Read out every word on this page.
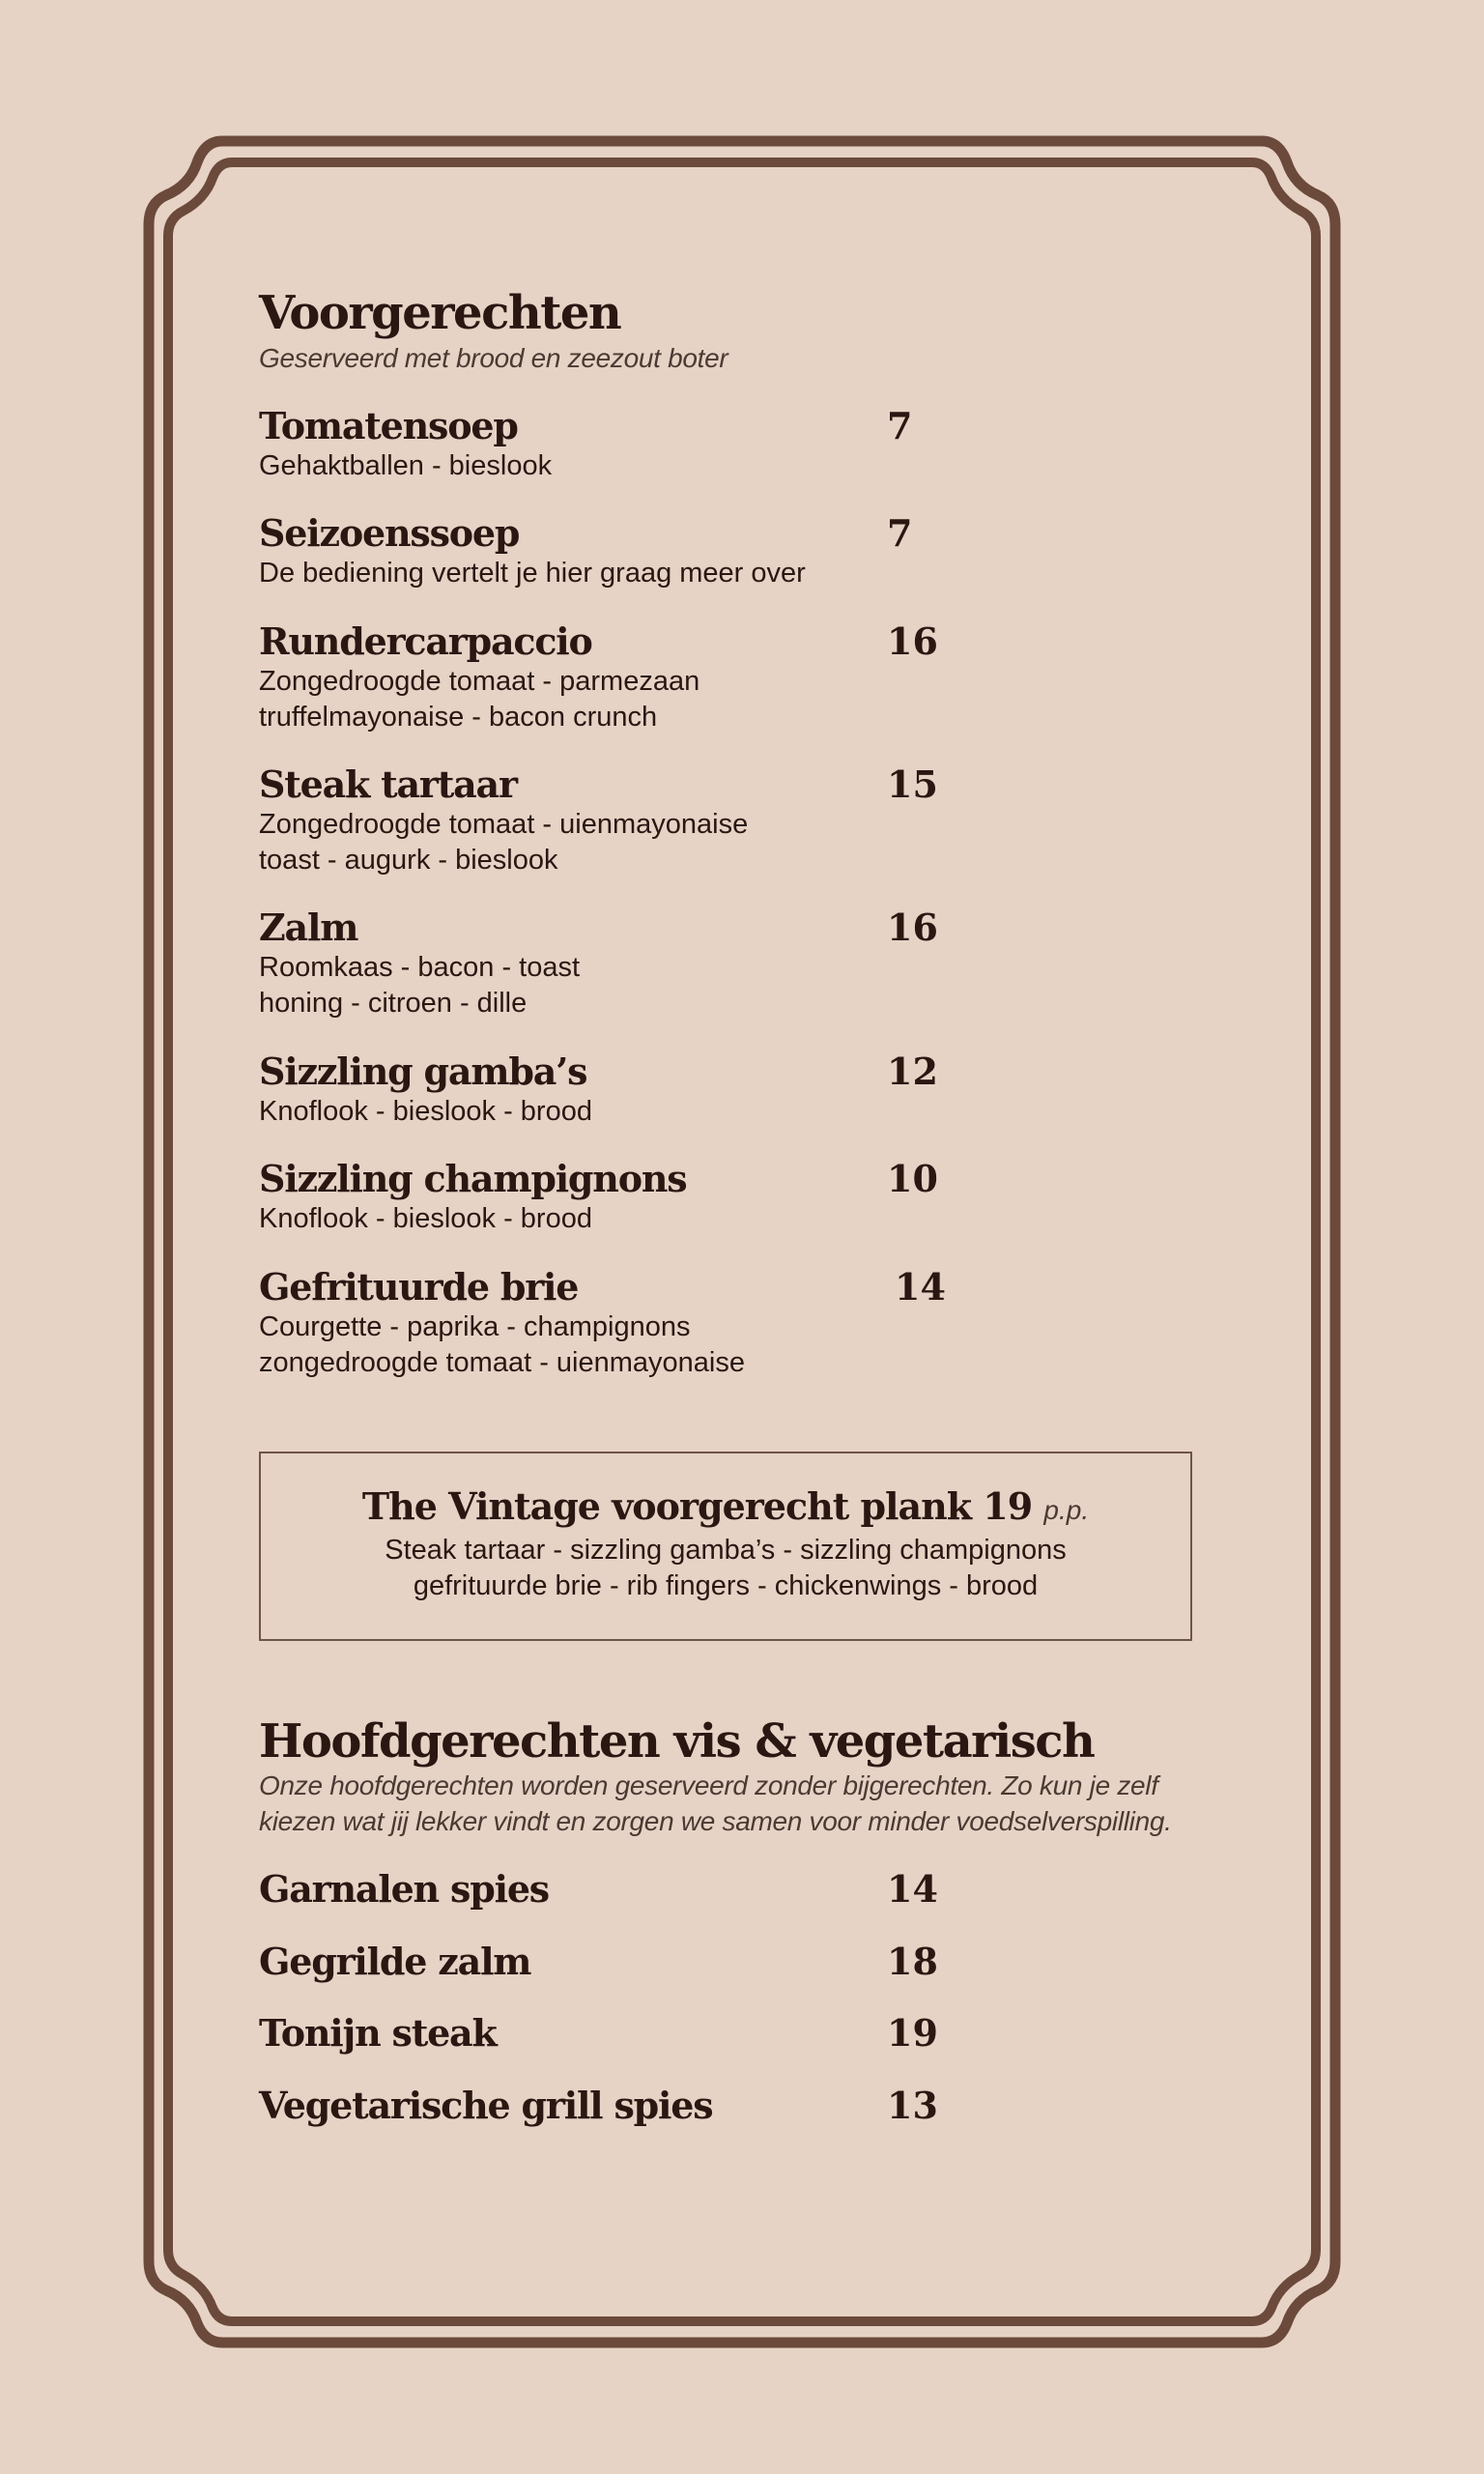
Voorgerechten

Geserveerd met brood en zeezout boter

Tomatensoep	7
Gehaktballen - bieslook
Seizoenssoep	7
De bediening vertelt je hier graag meer over
Rundercarpaccio	16
Zongedroogde tomaat - parmezaan
truffelmayonaise - bacon crunch
Steak tartaar	15
Zongedroogde tomaat - uienmayonaise
toast - augurk - bieslook
Zalm	16
Roomkaas - bacon - toast
honing - citroen - dille
Sizzling gamba’s	12
Knoflook - bieslook - brood
Sizzling champignons	10
Knoflook - bieslook - brood
Gefrituurde brie	14
Courgette - paprika - champignons
zongedroogde tomaat - uienmayonaise
The Vintage voorgerecht plank 19 p.p.
Steak tartaar - sizzling gamba’s - sizzling champignons
gefrituurde brie - rib fingers - chickenwings - brood
Hoofdgerechten vis & vegetarisch

Onze hoofdgerechten worden geserveerd zonder bijgerechten. Zo kun je zelf

kiezen wat jij lekker vindt en zorgen we samen voor minder voedselverspilling.

Garnalen spies	14
Gegrilde zalm	18
Tonijn steak	19
Vegetarische grill spies	13
